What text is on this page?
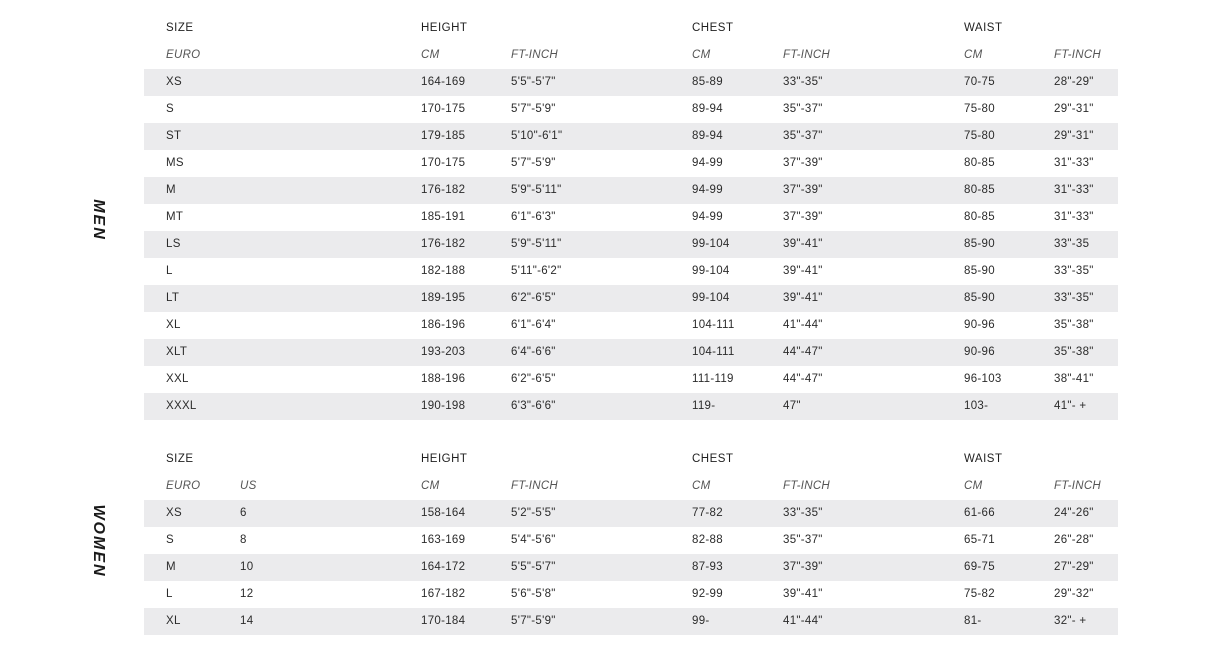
MEN
SIZE	HEIGHT	CHEST	WAIST
EURO	CM	FT-INCH	CM	FT-INCH	CM	FT-INCH
XS	164-169	5'5"-5'7"	85-89	33"-35"	70-75	28"-29"
S	170-175	5'7"-5'9"	89-94	35"-37"	75-80	29"-31"
ST	179-185	5'10"-6'1"	89-94	35"-37"	75-80	29"-31"
MS	170-175	5'7"-5'9"	94-99	37"-39"	80-85	31"-33"
M	176-182	5'9"-5'11"	94-99	37"-39"	80-85	31"-33"
MT	185-191	6'1"-6'3"	94-99	37"-39"	80-85	31"-33"
LS	176-182	5'9"-5'11"	99-104	39"-41"	85-90	33"-35
L	182-188	5'11"-6'2"	99-104	39"-41"	85-90	33"-35"
LT	189-195	6'2"-6'5"	99-104	39"-41"	85-90	33"-35"
XL	186-196	6'1"-6'4"	104-111	41"-44"	90-96	35"-38"
XLT	193-203	6'4"-6'6"	104-111	44"-47"	90-96	35"-38"
XXL	188-196	6'2"-6'5"	111-119	44"-47"	96-103	38"-41"
XXXL	190-198	6'3"-6'6"	119-	47"	103-	41"- +
WOMEN
SIZE	HEIGHT	CHEST	WAIST
EURO	US	CM	FT-INCH	CM	FT-INCH	CM	FT-INCH
XS	6	158-164	5'2"-5'5"	77-82	33"-35"	61-66	24"-26"
S	8	163-169	5'4"-5'6"	82-88	35"-37"	65-71	26"-28"
M	10	164-172	5'5"-5'7"	87-93	37"-39"	69-75	27"-29"
L	12	167-182	5'6"-5'8"	92-99	39"-41"	75-82	29"-32"
XL	14	170-184	5'7"-5'9"	99-	41"-44"	81-	32"- +
